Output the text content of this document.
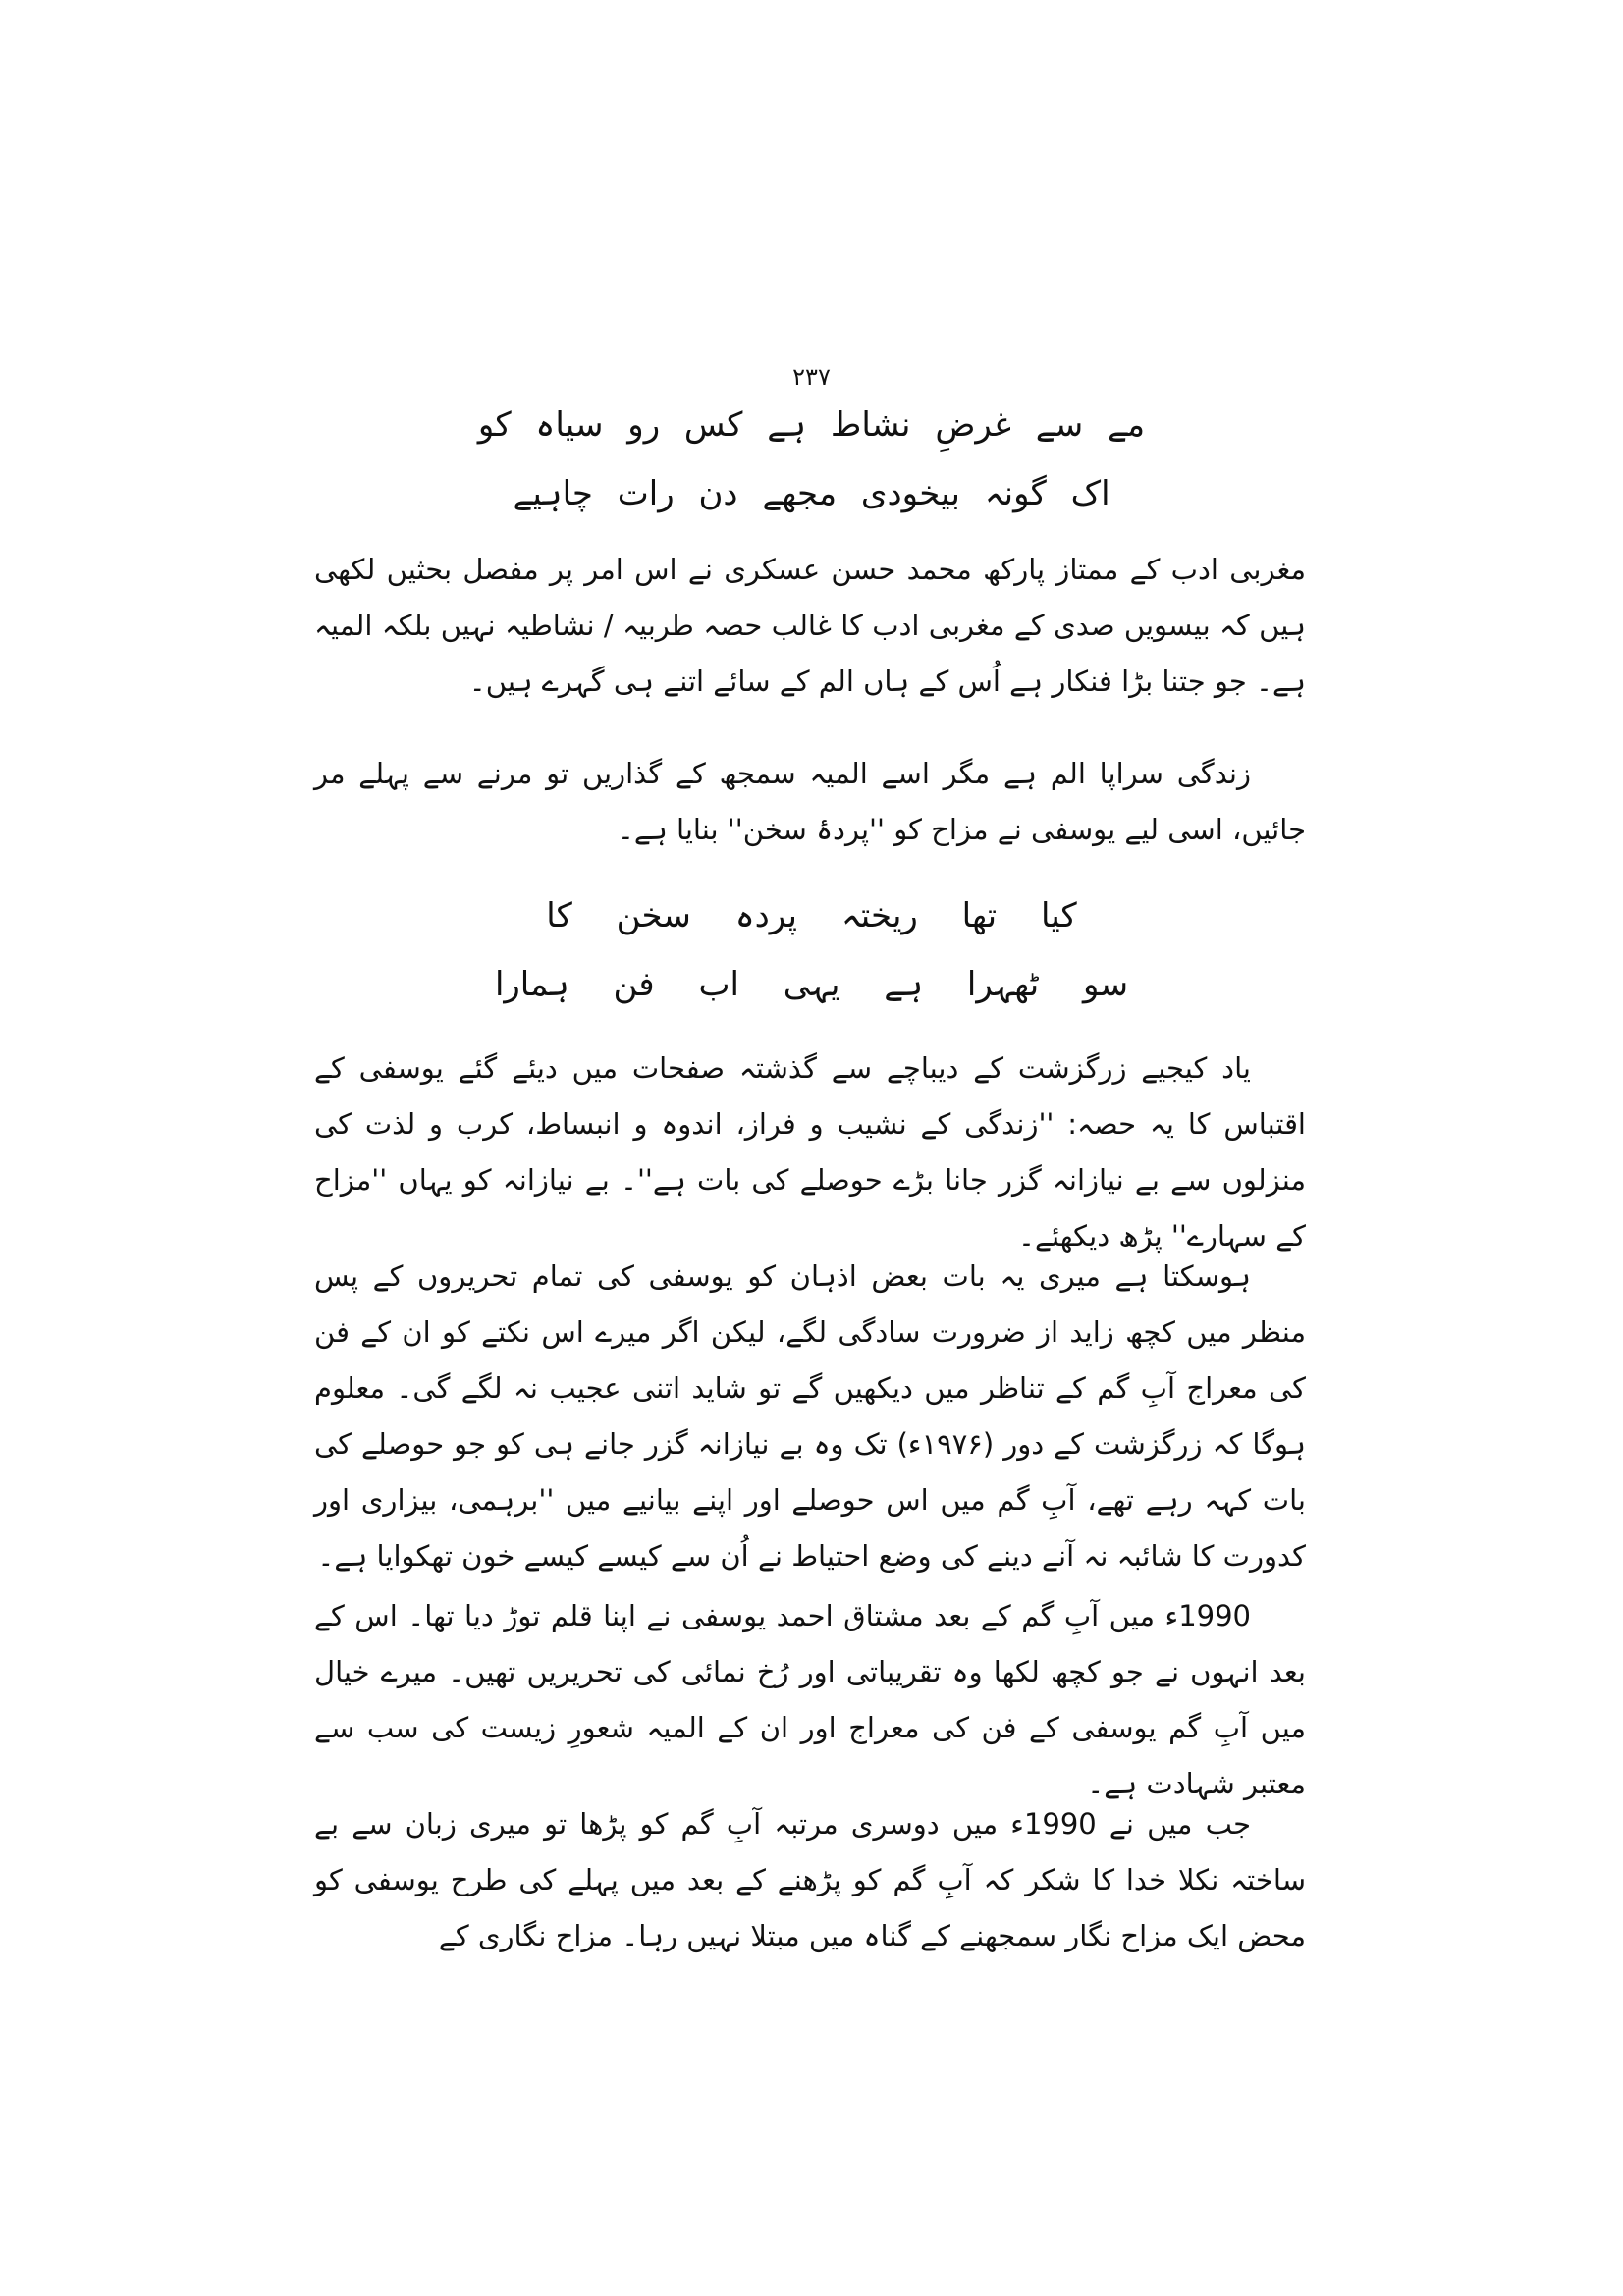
۲۳۷
مے سے غرضِ نشاط ہے کس رو سیاہ کو
اک گونہ بیخودی مجھے دن رات چاہیے
مغربی ادب کے ممتاز پارکھ محمد حسن عسکری نے اس امر پر مفصل بحثیں لکھی ہیں کہ بیسویں صدی کے مغربی ادب کا غالب حصہ طربیہ / نشاطیہ نہیں بلکہ المیہ ہے۔ جو جتنا بڑا فنکار ہے اُس کے ہاں الم کے سائے اتنے ہی گہرے ہیں۔
زندگی سراپا الم ہے مگر اسے المیہ سمجھ کے گذاریں تو مرنے سے پہلے مر جائیں، اسی لیے یوسفی نے مزاح کو ''پردۂ سخن'' بنایا ہے۔
کیا تھا ریختہ پردہ سخن کا
سو ٹھہرا ہے یہی اب فن ہمارا
یاد کیجیے زرگزشت کے دیباچے سے گذشتہ صفحات میں دیئے گئے یوسفی کے اقتباس کا یہ حصہ: ''زندگی کے نشیب و فراز، اندوہ و انبساط، کرب و لذت کی منزلوں سے بے نیازانہ گزر جانا بڑے حوصلے کی بات ہے''۔ بے نیازانہ کو یہاں ''مزاح کے سہارے'' پڑھ دیکھئے۔
ہوسکتا ہے میری یہ بات بعض اذہان کو یوسفی کی تمام تحریروں کے پس منظر میں کچھ زاید از ضرورت سادگی لگے، لیکن اگر میرے اس نکتے کو ان کے فن کی معراج آبِ گم کے تناظر میں دیکھیں گے تو شاید اتنی عجیب نہ لگے گی۔ معلوم ہوگا کہ زرگزشت کے دور (۱۹۷۶ء) تک وہ بے نیازانہ گزر جانے ہی کو جو حوصلے کی بات کہہ رہے تھے، آبِ گم میں اس حوصلے اور اپنے بیانیے میں ''برہمی، بیزاری اور کدورت کا شائبہ نہ آنے دینے کی وضع احتیاط نے اُن سے کیسے کیسے خون تھکوایا ہے۔
1990ء میں آبِ گم کے بعد مشتاق احمد یوسفی نے اپنا قلم توڑ دیا تھا۔ اس کے بعد انہوں نے جو کچھ لکھا وہ تقریباتی اور رُخ نمائی کی تحریریں تھیں۔ میرے خیال میں آبِ گم یوسفی کے فن کی معراج اور ان کے المیہ شعورِ زیست کی سب سے معتبر شہادت ہے۔
جب میں نے 1990ء میں دوسری مرتبہ آبِ گم کو پڑھا تو میری زبان سے بے ساختہ نکلا خدا کا شکر کہ آبِ گم کو پڑھنے کے بعد میں پہلے کی طرح یوسفی کو محض ایک مزاح نگار سمجھنے کے گناہ میں مبتلا نہیں رہا۔ مزاح نگاری کے
